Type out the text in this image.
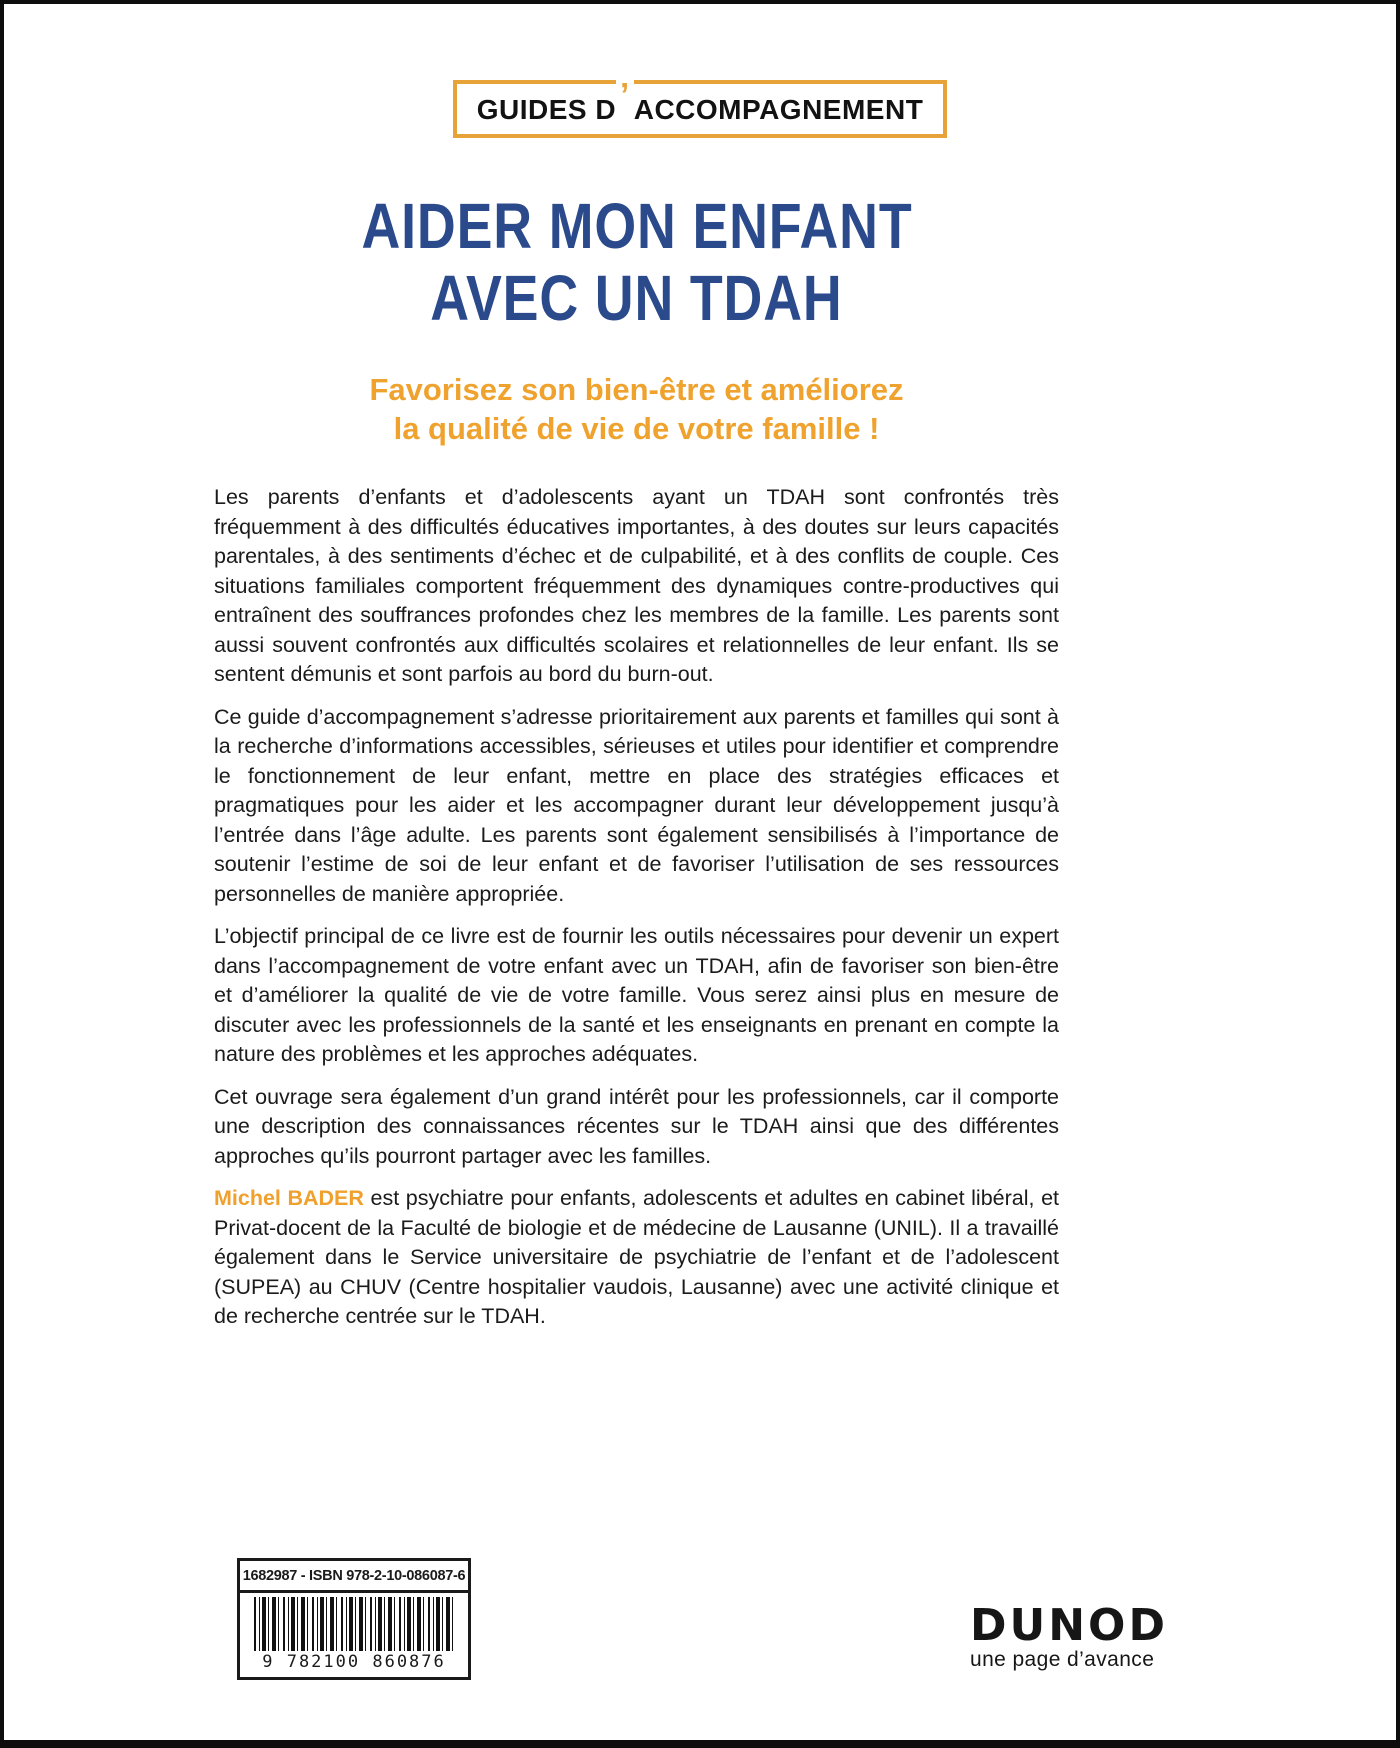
GUIDES D ’ ACCOMPAGNEMENT
AIDER MON ENFANT
AVEC UN TDAH
Favorisez son bien-être et améliorez
la qualité de vie de votre famille !

Les parents d’enfants et d’adolescents ayant un TDAH sont confrontés très fréquemment à des difficultés éducatives importantes, à des doutes sur leurs capacités parentales, à des sentiments d’échec et de culpabilité, et à des conflits de couple. Ces situations familiales comportent fréquemment des dynamiques contre-productives qui entraînent des souffrances profondes chez les membres de la famille. Les parents sont aussi souvent confrontés aux difficultés scolaires et relationnelles de leur enfant. Ils se sentent démunis et sont parfois au bord du burn-out.

Ce guide d’accompagnement s’adresse prioritairement aux parents et familles qui sont à la recherche d’informations accessibles, sérieuses et utiles pour identifier et comprendre le fonctionnement de leur enfant, mettre en place des stratégies efficaces et pragmatiques pour les aider et les accompagner durant leur développement jusqu’à l’entrée dans l’âge adulte. Les parents sont également sensibilisés à l’importance de soutenir l’estime de soi de leur enfant et de favoriser l’utilisation de ses ressources personnelles de manière appropriée.

L’objectif principal de ce livre est de fournir les outils nécessaires pour devenir un expert dans l’accompagnement de votre enfant avec un TDAH, afin de favoriser son bien-être et d’améliorer la qualité de vie de votre famille. Vous serez ainsi plus en mesure de discuter avec les professionnels de la santé et les enseignants en prenant en compte la nature des problèmes et les approches adéquates.

Cet ouvrage sera également d’un grand intérêt pour les professionnels, car il comporte une description des connaissances récentes sur le TDAH ainsi que des différentes approches qu’ils pourront partager avec les familles.

Michel BADER est psychiatre pour enfants, adolescents et adultes en cabinet libéral, et Privat-docent de la Faculté de biologie et de médecine de Lausanne (UNIL). Il a travaillé également dans le Service universitaire de psychiatrie de l’enfant et de l’adolescent (SUPEA) au CHUV (Centre hospitalier vaudois, Lausanne) avec une activité clinique et de recherche centrée sur le TDAH.

1682987 - ISBN 978-2-10-086087-6
9 782100 860876
DUNOD
une page d’avance
